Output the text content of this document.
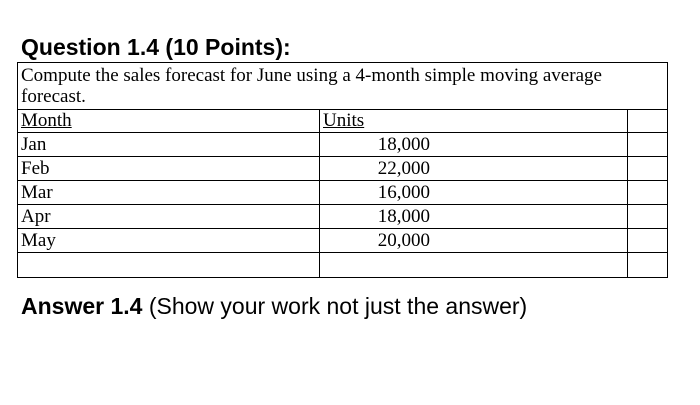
Question 1.4 (10 Points):
Compute the sales forecast for June using a 4-month simple moving average forecast.		
Month	Units	
Jan	18,000	
Feb	22,000	
Mar	16,000	
Apr	18,000	
May	20,000	

Answer 1.4 (Show your work not just the answer)
